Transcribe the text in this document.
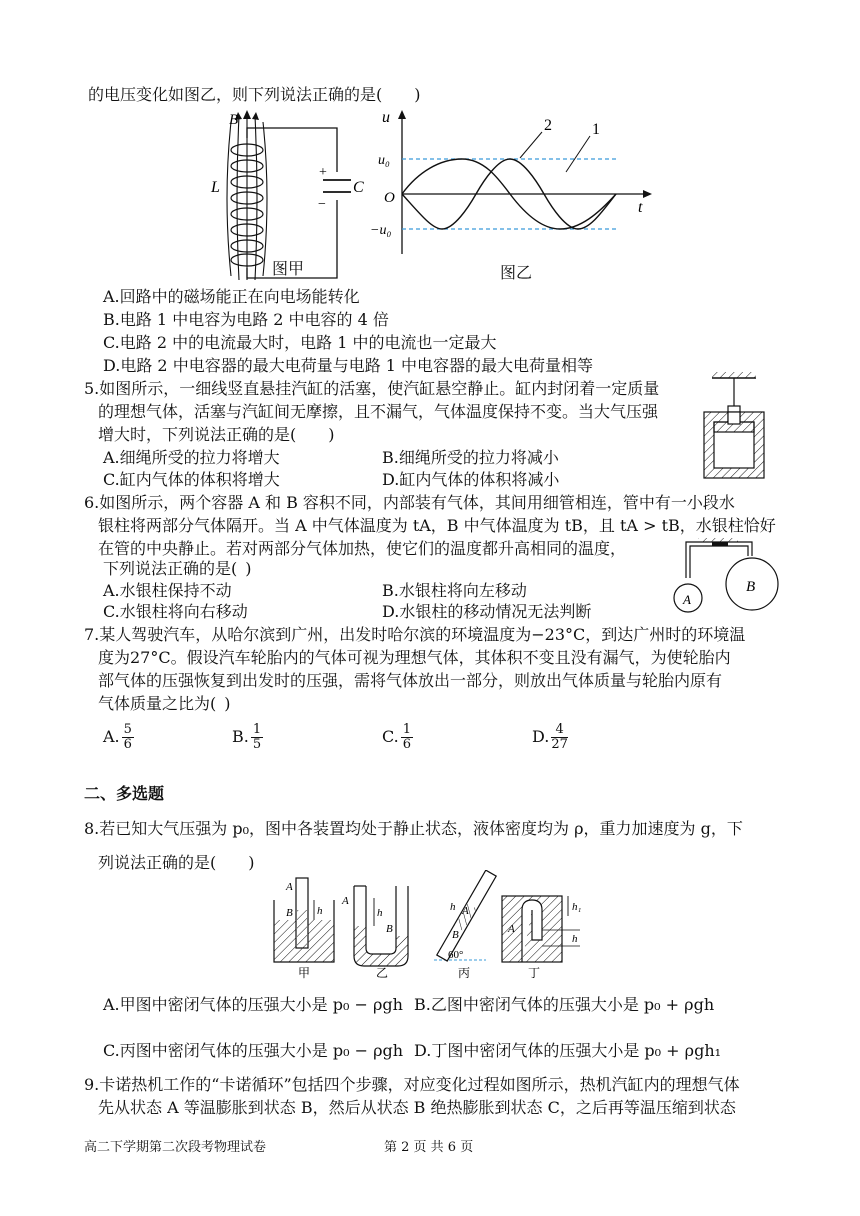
的电压变化如图乙，则下列说法正确的是(  )
+
−
C
B
L
图甲
u
t
O
u₀
−u₀
2	1
图乙
A.回路中的磁场能正在向电场能转化
B.电路 1 中电容为电路 2 中电容的 4 倍
C.电路 2 中的电流最大时，电路 1 中的电流也一定最大
D.电路 2 中电容器的最大电荷量与电路 1 中电容器的最大电荷量相等
5.如图所示，一细线竖直悬挂汽缸的活塞，使汽缸悬空静止。缸内封闭着一定质量
的理想气体，活塞与汽缸间无摩擦，且不漏气，气体温度保持不变。当大气压强
增大时，下列说法正确的是(  )
A.细绳所受的拉力将增大	B.细绳所受的拉力将减小
C.缸内气体的体积将增大	D.缸内气体的体积将减小
6.如图所示，两个容器 A 和 B 容积不同，内部装有气体，其间用细管相连，管中有一小段水
银柱将两部分气体隔开。当 A 中气体温度为 tA，B 中气体温度为 tB，且 tA > tB，水银柱恰好
在管的中央静止。若对两部分气体加热，使它们的温度都升高相同的温度，
下列说法正确的是( )
A.水银柱保持不动	B.水银柱将向左移动
C.水银柱将向右移动	D.水银柱的移动情况无法判断
A
B
7.某人驾驶汽车，从哈尔滨到广州，出发时哈尔滨的环境温度为−23°C，到达广州时的环境温
度为27°C。假设汽车轮胎内的气体可视为理想气体，其体积不变且没有漏气，为使轮胎内
部气体的压强恢复到出发时的压强，需将气体放出一部分，则放出气体质量与轮胎内原有
气体质量之比为( )
A. $\frac{5}{6}$	B. $\frac{1}{5}$	C. $\frac{1}{6}$	D. $\frac{4}{27}$
二、多选题
8.若已知大气压强为 p₀，图中各装置均处于静止状态，液体密度均为 ρ，重力加速度为 g，下
列说法正确的是(  )
A
B h
甲
A
B
h
乙
h A
B
60°
丙
A
h₁
h
丁
A.甲图中密闭气体的压强大小是 p₀ − ρgh B.乙图中密闭气体的压强大小是 p₀ + ρgh
C.丙图中密闭气体的压强大小是 p₀ − ρgh D.丁图中密闭气体的压强大小是 p₀ + ρgh₁
9.卡诺热机工作的“卡诺循环”包括四个步骤，对应变化过程如图所示，热机汽缸内的理想气体
先从状态 A 等温膨胀到状态 B，然后从状态 B 绝热膨胀到状态 C，之后再等温压缩到状态
高二下学期第二次段考物理试卷	第 2 页 共 6 页
